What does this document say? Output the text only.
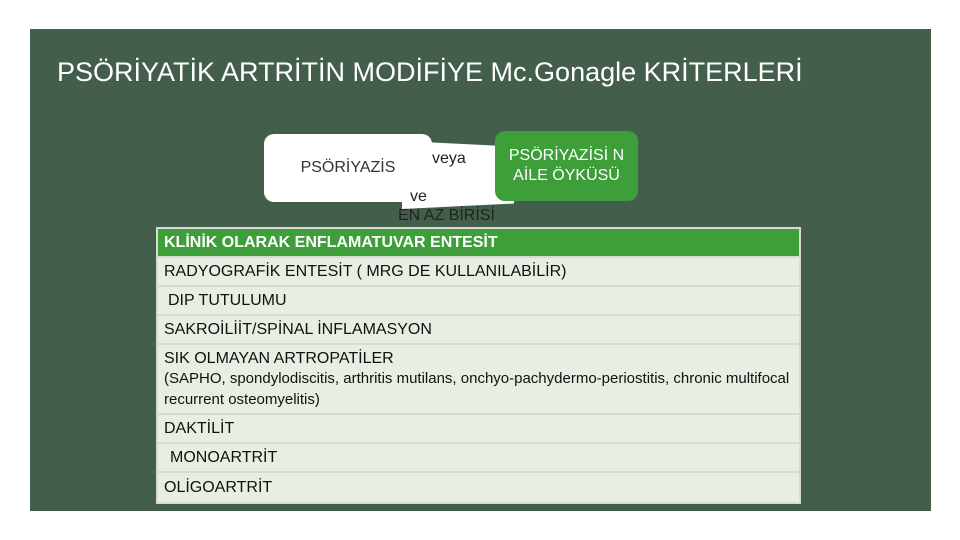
PSÖRİYATİK ARTRİTİN MODİFİYE Mc.Gonagle KRİTERLERİ
PSÖRİYAZİS
PSÖRİYAZİSİ N AİLE ÖYKÜSÜ
veya
ve
EN AZ BİRİSİ
KLİNİK OLARAK ENFLAMATUVAR ENTESİT
RADYOGRAFİK ENTESİT ( MRG DE KULLANILABİLİR)
DIP TUTULUMU
SAKROİLİİT/SPİNAL İNFLAMASYON
SIK OLMAYAN ARTROPATİLER
(SAPHO, spondylodiscitis, arthritis mutilans, onchyo-pachydermo-periostitis, chronic multifocal recurrent osteomyelitis)
DAKTİLİT
MONOARTRİT
OLİGOARTRİT
